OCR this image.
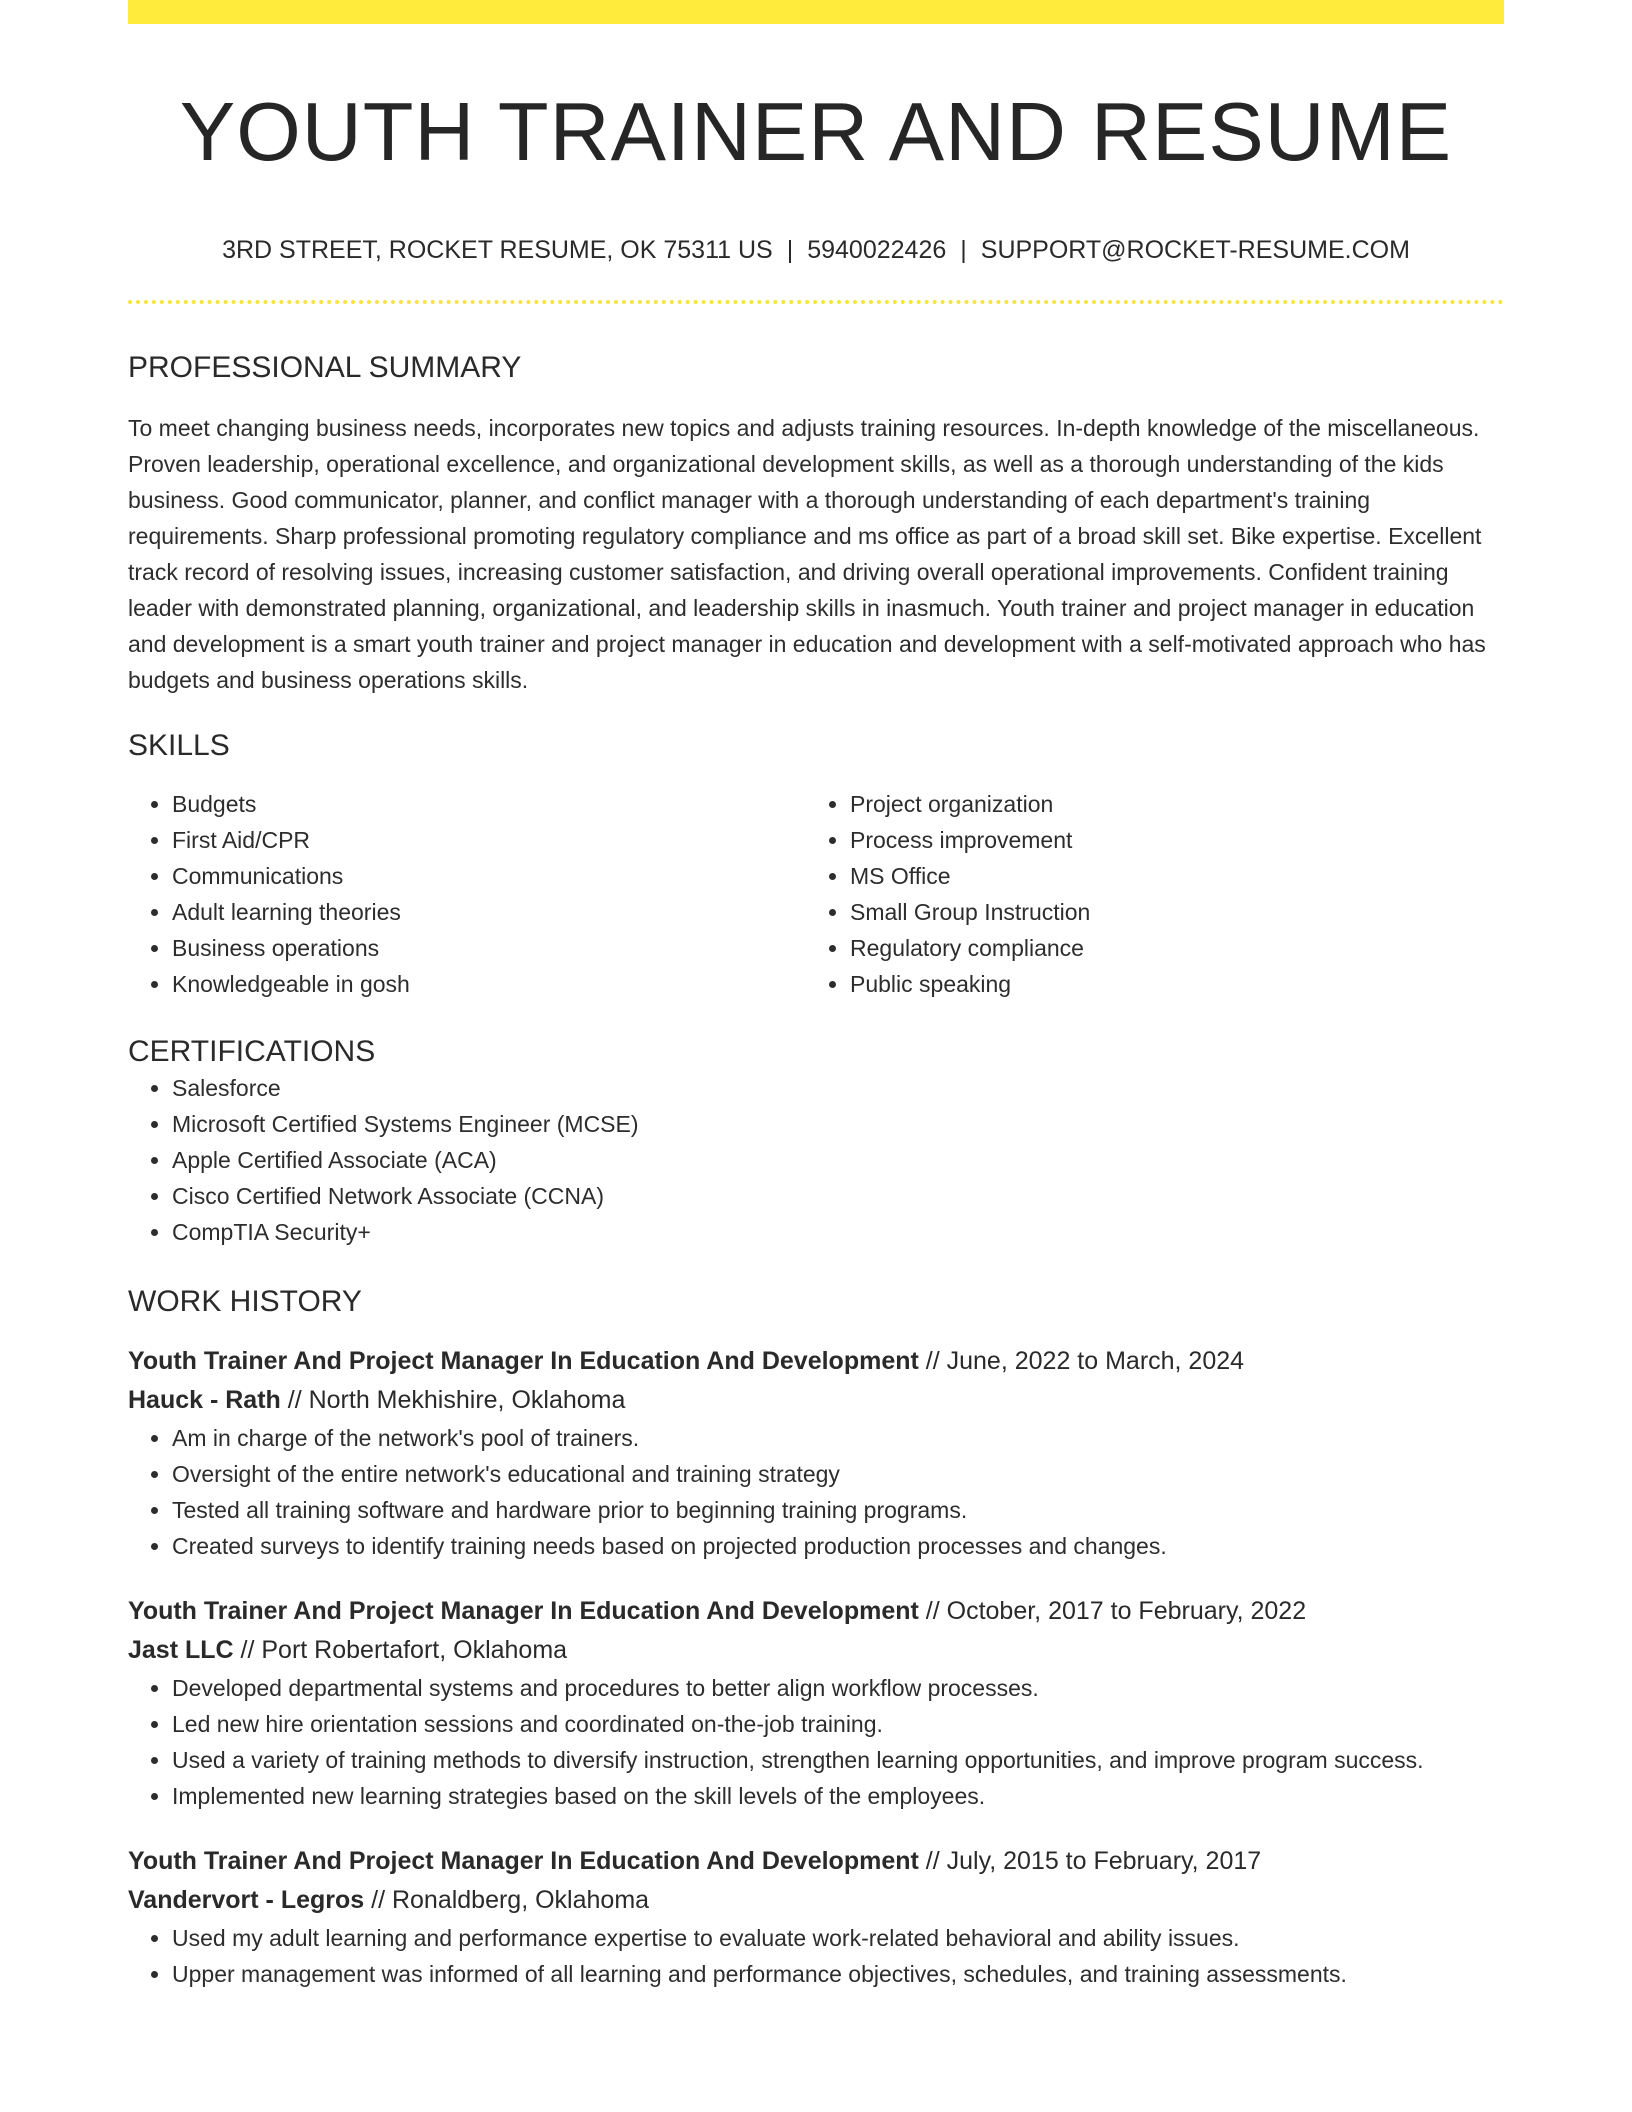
YOUTH TRAINER AND RESUME
3RD STREET, ROCKET RESUME, OK 75311 US | 5940022426 | SUPPORT@ROCKET-RESUME.COM
PROFESSIONAL SUMMARY
To meet changing business needs, incorporates new topics and adjusts training resources. In-depth knowledge of the miscellaneous. Proven leadership, operational excellence, and organizational development skills, as well as a thorough understanding of the kids business. Good communicator, planner, and conflict manager with a thorough understanding of each department's training requirements. Sharp professional promoting regulatory compliance and ms office as part of a broad skill set. Bike expertise. Excellent track record of resolving issues, increasing customer satisfaction, and driving overall operational improvements. Confident training leader with demonstrated planning, organizational, and leadership skills in inasmuch. Youth trainer and project manager in education and development is a smart youth trainer and project manager in education and development with a self-motivated approach who has budgets and business operations skills.
SKILLS
• Budgets
• First Aid/CPR
• Communications
• Adult learning theories
• Business operations
• Knowledgeable in gosh
• Project organization
• Process improvement
• MS Office
• Small Group Instruction
• Regulatory compliance
• Public speaking
CERTIFICATIONS
• Salesforce
• Microsoft Certified Systems Engineer (MCSE)
• Apple Certified Associate (ACA)
• Cisco Certified Network Associate (CCNA)
• CompTIA Security+
WORK HISTORY
Youth Trainer And Project Manager In Education And Development // June, 2022 to March, 2024
Hauck - Rath // North Mekhishire, Oklahoma
• Am in charge of the network's pool of trainers.
• Oversight of the entire network's educational and training strategy
• Tested all training software and hardware prior to beginning training programs.
• Created surveys to identify training needs based on projected production processes and changes.
Youth Trainer And Project Manager In Education And Development // October, 2017 to February, 2022
Jast LLC // Port Robertafort, Oklahoma
• Developed departmental systems and procedures to better align workflow processes.
• Led new hire orientation sessions and coordinated on-the-job training.
• Used a variety of training methods to diversify instruction, strengthen learning opportunities, and improve program success.
• Implemented new learning strategies based on the skill levels of the employees.
Youth Trainer And Project Manager In Education And Development // July, 2015 to February, 2017
Vandervort - Legros // Ronaldberg, Oklahoma
• Used my adult learning and performance expertise to evaluate work-related behavioral and ability issues.
• Upper management was informed of all learning and performance objectives, schedules, and training assessments.
